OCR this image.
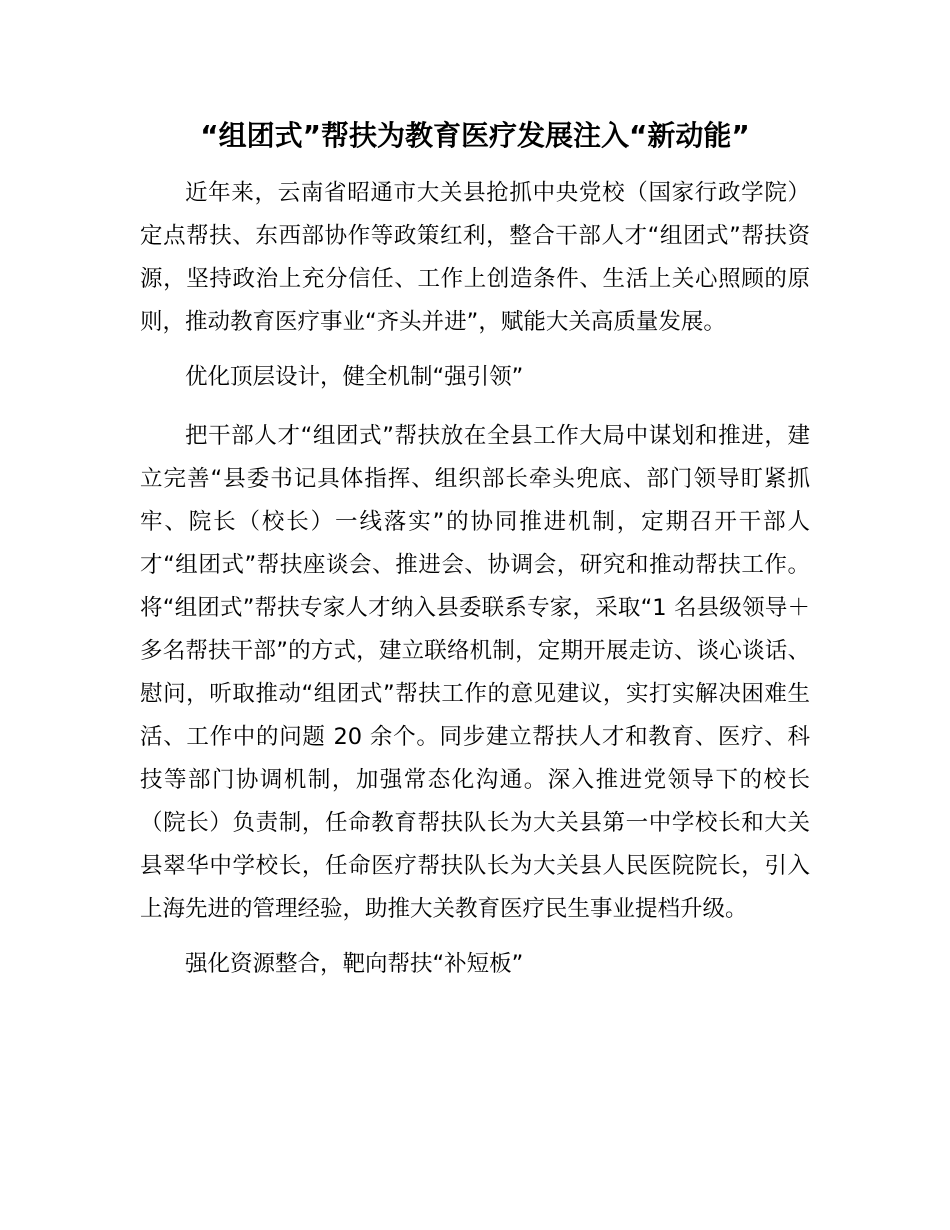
“组团式”帮扶为教育医疗发展注入“新动能”

近年来，云南省昭通市大关县抢抓中央党校（国家行政学院）定点帮扶、东西部协作等政策红利，整合干部人才“组团式”帮扶资源，坚持政治上充分信任、工作上创造条件、生活上关心照顾的原则，推动教育医疗事业“齐头并进”，赋能大关高质量发展。

优化顶层设计，健全机制“强引领”

把干部人才“组团式”帮扶放在全县工作大局中谋划和推进，建立完善“县委书记具体指挥、组织部长牵头兜底、部门领导盯紧抓牢、院长（校长）一线落实”的协同推进机制，定期召开干部人才“组团式”帮扶座谈会、推进会、协调会，研究和推动帮扶工作。将“组团式”帮扶专家人才纳入县委联系专家，采取“1 名县级领导＋多名帮扶干部”的方式，建立联络机制，定期开展走访、谈心谈话、慰问，听取推动“组团式”帮扶工作的意见建议，实打实解决困难生活、工作中的问题 20 余个。同步建立帮扶人才和教育、医疗、科技等部门协调机制，加强常态化沟通。深入推进党领导下的校长（院长）负责制，任命教育帮扶队长为大关县第一中学校长和大关县翠华中学校长，任命医疗帮扶队长为大关县人民医院院长，引入上海先进的管理经验，助推大关教育医疗民生事业提档升级。

强化资源整合，靶向帮扶“补短板”
